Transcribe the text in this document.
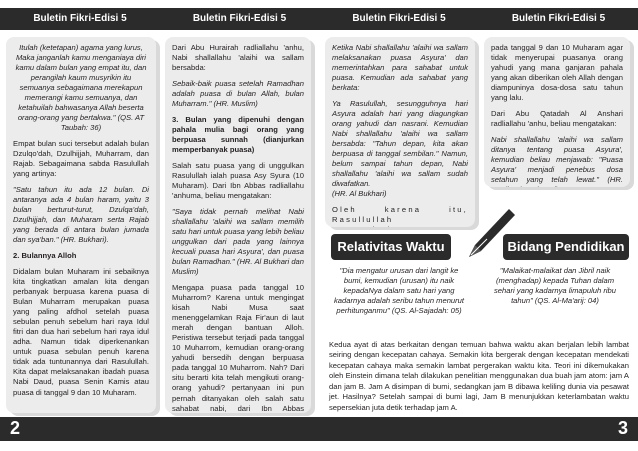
Buletin Fikri-Edisi 5	Buletin Fikri-Edisi 5

Itulah (ketetapan) agama yang lurus, Maka janganlah kamu menganiaya diri kamu dalam bulan yang empat itu, dan perangilah kaum musyrikin itu semuanya sebagaimana merekapun memerangi kamu semuanya, dan ketahuilah bahwasanya Allah beserta orang-orang yang bertakwa." (QS. AT Taubah: 36)

Empat bulan suci tersebut adalah bulan Dzulqo'dah, Dzulhijjah, Muharram, dan Rajab. Sebagaimana sabda Rasulullah yang artinya:

"Satu tahun itu ada 12 bulan. Di antaranya ada 4 bulan haram, yaitu 3 bulan berturut-turut, Dzulqa'dah, Dzulhijjah, dan Muharam serta Rajab yang berada di antara bulan jumada dan sya'ban." (HR. Bukhari).

2. Bulannya Alloh

Didalam bulan Muharam ini sebaiknya kita tingkatkan amalan kita dengan perbanyak berpuasa karena puasa di Bulan Muharram merupakan puasa yang paling afdhol setelah puasa sebulan penuh sebelum hari raya Idul fitri dan dua hari sebelum hari raya idul adha. Namun tidak diperkenankan untuk puasa sebulan penuh karena tidak ada tuntunannya dari Rasulullah. Kita dapat melaksanakan ibadah puasa Nabi Daud, puasa Senin Kamis atau puasa di tanggal 9 dan 10 Muharam.

Dari Abu Hurairah radliallahu 'anhu, Nabi shallallahu 'alaihi wa sallam bersabda:

Sebaik-baik puasa setelah Ramadhan adalah puasa di bulan Allah, bulan Muharram." (HR. Muslim)

3. Bulan yang dipenuhi dengan pahala mulia bagi orang yang berpuasa sunnah (dianjurkan memperbanyak puasa)

Salah satu puasa yang di unggulkan Rasulullah ialah puasa Asy Syura (10 Muharam). Dari Ibn Abbas radliallahu 'anhuma, beliau mengatakan:

"Saya tidak pernah melihat Nabi shallallahu 'alaihi wa sallam memilih satu hari untuk puasa yang lebih beliau unggulkan dari pada yang lainnya kecuali puasa hari Asyura', dan puasa bulan Ramadhan." (HR. Al Bukhari dan Muslim)

Mengapa puasa pada tanggal 10 Muharrom? Karena untuk mengingat kisah Nabi Musa saat menenggelamkan Raja Fir'aun di laut merah dengan bantuan Alloh. Peristiwa tersebut terjadi pada tanggal 10 Muharrom, kemudian orang-orang yahudi bersedih dengan berpuasa pada tanggal 10 Muharrom. Nah? Dari situ berarti kita telah mengikuti orang-orang yahudi? pertanyaan ini pun pernah ditanyakan oleh salah satu sahabat nabi, dari Ibn Abbas

2
Buletin Fikri-Edisi 5	Buletin Fikri-Edisi 5

Ketika Nabi shallallahu 'alaihi wa sallam melaksanakan puasa Asyura' dan memerintahkan para sahabat untuk puasa. Kemudian ada sahabat yang berkata:

Ya Rasulullah, sesungguhnya hari Asyura adalah hari yang diagungkan orang yahudi dan nasrani. Kemudian Nabi shallallahu 'alaihi wa sallam bersabda: "Tahun depan, kita akan berpuasa di tanggal sembilan." Namun, belum sampai tahun depan, Nabi shallallahu 'alaihi wa sallam sudah diwafatkan.

(HR. Al Bukhari)

Oleh karena itu, Rasullullah

pada tanggal 9 dan 10 Muharam agar tidak menyerupai puasanya orang yahudi yang mana ganjaran pahala yang akan diberikan oleh Allah dengan diampuninya dosa-dosa satu tahun yang lalu.

Dari Abu Qatadah Al Anshari radliallahu 'anhu, beliau mengatakan:

Nabi shallallahu 'alaihi wa sallam ditanya tentang puasa Asyura', kemudian beliau menjawab: "Puasa Asyura' menjadi penebus dosa setahun yang telah lewat." (HR.

Relativitas Waktu	Bidang Pendidikan
"Dia mengatur urusan dari langit ke bumi, kemudian (urusan) itu naik kepadaNya dalam satu hari yang kadarnya adalah seribu tahun menurut perhitunganmu" (QS. Al-Sajadah: 05)
"Malaikat-malaikat dan Jibril naik (menghadap) kepada Tuhan dalam sehari yang kadarnya limapuluh ribu tahun" (QS. Al-Ma'arij: 04)
Kedua ayat di atas berkaitan dengan temuan bahwa waktu akan berjalan lebih lambat seiring dengan kecepatan cahaya. Semakin kita bergerak dengan kecepatan mendekati kecepatan cahaya maka semakin lambat pergerakan waktu kita. Teori ini dikemukakan oleh Einstein dimana telah dilakukan penelitian menggunakan dua buah jam atom: jam A dan jam B. Jam A disimpan di bumi, sedangkan jam B dibawa keliling dunia via pesawat jet. Hasilnya? Setelah sampai di bumi lagi, Jam B menunjukkan keterlambatan waktu sepersekian juta detik terhadap jam A.
3
